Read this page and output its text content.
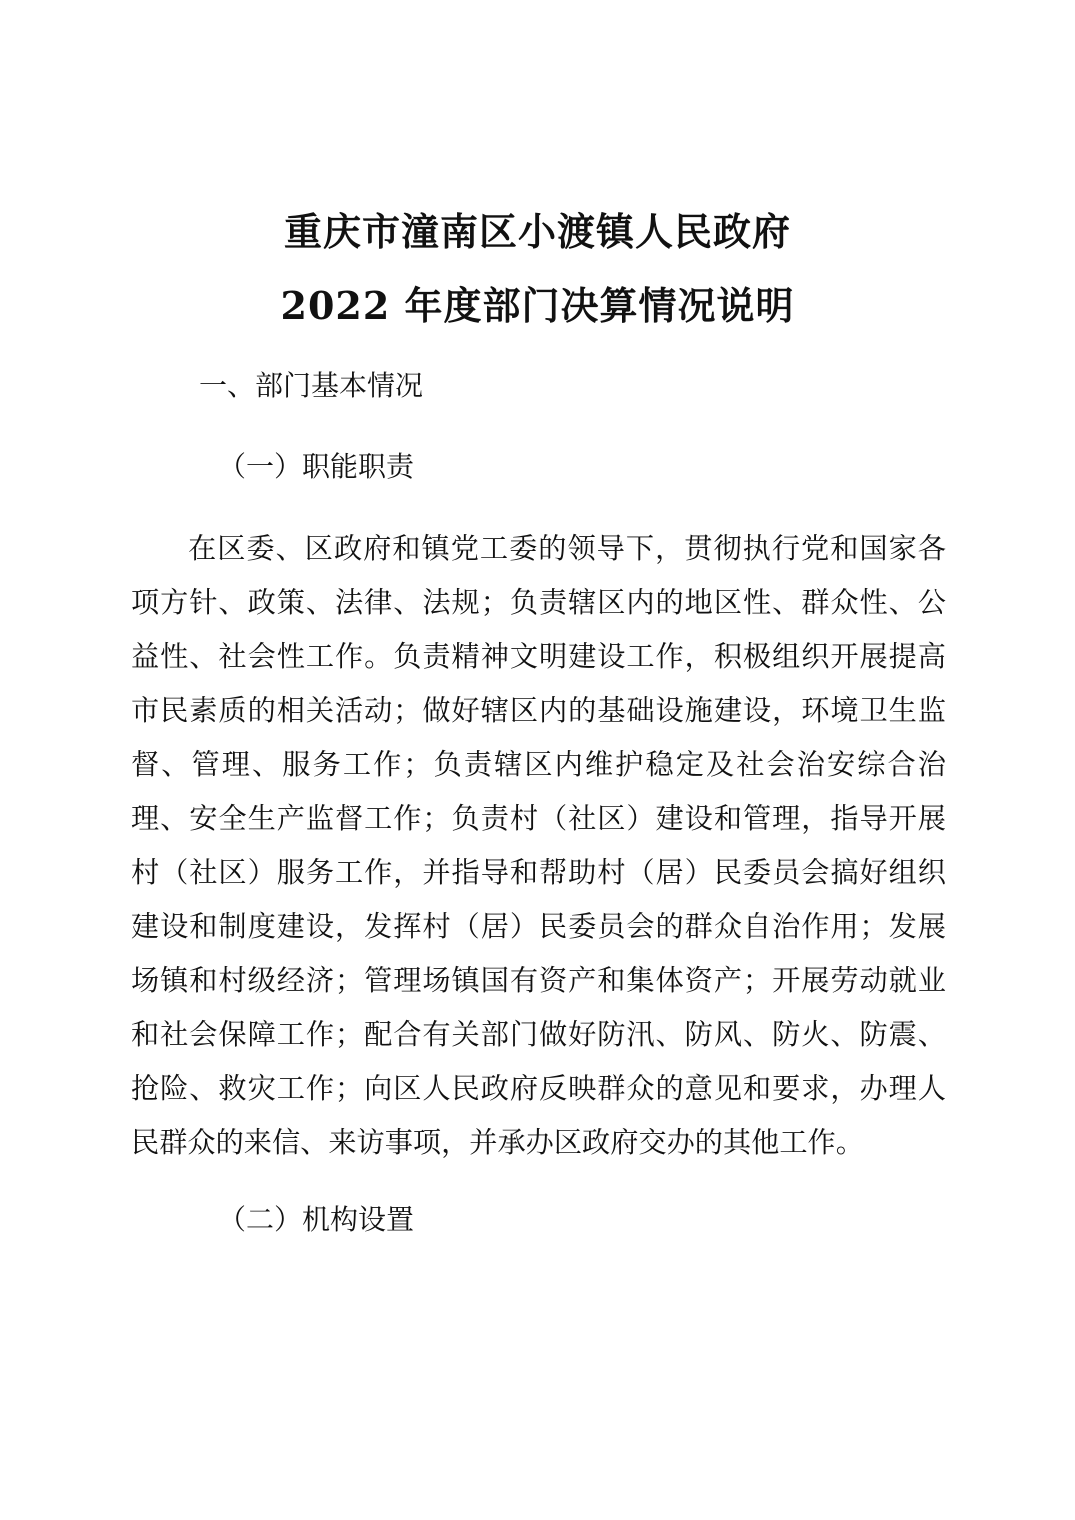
重庆市潼南区小渡镇人民政府
2022 年度部门决算情况说明
一、部门基本情况
（一）职能职责

在区委、区政府和镇党工委的领导下，贯彻执行党和国家各项方针、政策、法律、法规；负责辖区内的地区性、群众性、公益性、社会性工作。负责精神文明建设工作，积极组织开展提高市民素质的相关活动；做好辖区内的基础设施建设，环境卫生监督、管理、服务工作；负责辖区内维护稳定及社会治安综合治理、安全生产监督工作；负责村（社区）建设和管理，指导开展村（社区）服务工作，并指导和帮助村（居）民委员会搞好组织建设和制度建设，发挥村（居）民委员会的群众自治作用；发展场镇和村级经济；管理场镇国有资产和集体资产；开展劳动就业和社会保障工作；配合有关部门做好防汛、防风、防火、防震、抢险、救灾工作；向区人民政府反映群众的意见和要求，办理人民群众的来信、来访事项，并承办区政府交办的其他工作。

（二）机构设置
